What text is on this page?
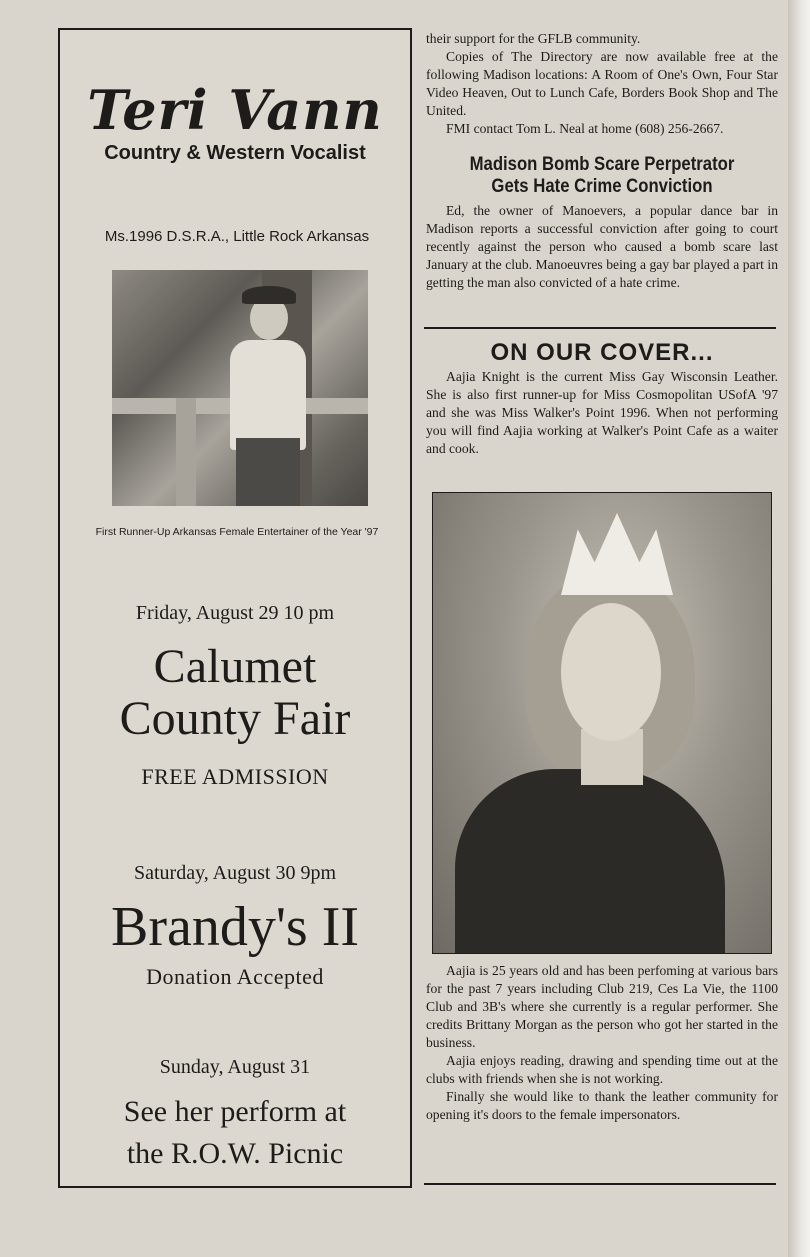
Teri Vann
Country & Western Vocalist
Ms.1996 D.S.R.A., Little Rock Arkansas
First Runner-Up Arkansas Female Entertainer of the Year '97
Friday, August 29 10 pm
Calumet
County Fair
FREE ADMISSION
Saturday, August 30 9pm
Brandy's II
Donation Accepted
Sunday, August 31
See her perform at
the R.O.W. Picnic

their support for the GFLB community.

Copies of The Directory are now available free at the following Madison locations: A Room of One's Own, Four Star Video Heaven, Out to Lunch Cafe, Borders Book Shop and The United.

FMI contact Tom L. Neal at home (608) 256-2667.

Madison Bomb Scare Perpetrator
Gets Hate Crime Conviction

Ed, the owner of Manoevers, a popular dance bar in Madison reports a successful conviction after going to court recently against the person who caused a bomb scare last January at the club. Manoeuvres being a gay bar played a part in getting the man also convicted of a hate crime.

ON OUR COVER...

Aajia Knight is the current Miss Gay Wisconsin Leather. She is also first runner-up for Miss Cosmopolitan USofA '97 and she was Miss Walker's Point 1996. When not performing you will find Aajia working at Walker's Point Cafe as a waiter and cook.

Aajia is 25 years old and has been perfoming at various bars for the past 7 years including Club 219, Ces La Vie, the 1100 Club and 3B's where she currently is a regular performer. She credits Brittany Morgan as the person who got her started in the business.

Aajia enjoys reading, drawing and spending time out at the clubs with friends when she is not working.

Finally she would like to thank the leather community for opening it's doors to the female impersonators.
